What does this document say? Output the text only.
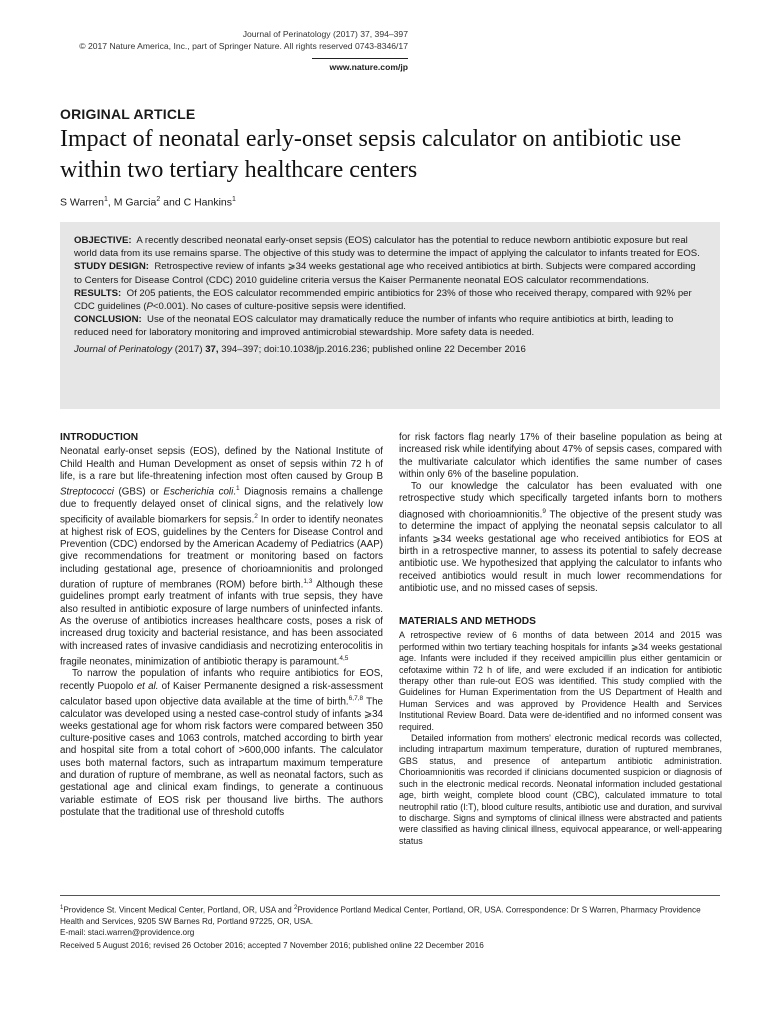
Journal of Perinatology (2017) 37, 394–397
© 2017 Nature America, Inc., part of Springer Nature. All rights reserved 0743-8346/17
www.nature.com/jp
ORIGINAL ARTICLE
Impact of neonatal early-onset sepsis calculator on antibiotic use within two tertiary healthcare centers
S Warren$^1$, M Garcia$^2$ and C Hankins$^1$

OBJECTIVE: A recently described neonatal early-onset sepsis (EOS) calculator has the potential to reduce newborn antibiotic exposure but real world data from its use remains sparse. The objective of this study was to determine the impact of applying the calculator to infants treated for EOS.

STUDY DESIGN: Retrospective review of infants ⩾34 weeks gestational age who received antibiotics at birth. Subjects were compared according to Centers for Disease Control (CDC) 2010 guideline criteria versus the Kaiser Permanente neonatal EOS calculator recommendations.

RESULTS: Of 205 patients, the EOS calculator recommended empiric antibiotics for 23% of those who received therapy, compared with 92% per CDC guidelines (P<0.001). No cases of culture-positive sepsis were identified.

CONCLUSION: Use of the neonatal EOS calculator may dramatically reduce the number of infants who require antibiotics at birth, leading to reduced need for laboratory monitoring and improved antimicrobial stewardship. More safety data is needed.

Journal of Perinatology (2017) 37, 394–397; doi:10.1038/jp.2016.236; published online 22 December 2016

INTRODUCTION

Neonatal early-onset sepsis (EOS), defined by the National Institute of Child Health and Human Development as onset of sepsis within 72 h of life, is a rare but life-threatening infection most often caused by Group B Streptococci (GBS) or Escherichia coli.$^1$ Diagnosis remains a challenge due to frequently delayed onset of clinical signs, and the relatively low specificity of available biomarkers for sepsis.$^2$ In order to identify neonates at highest risk of EOS, guidelines by the Centers for Disease Control and Prevention (CDC) endorsed by the American Academy of Pediatrics (AAP) give recommendations for treatment or monitoring based on factors including gestational age, presence of chorioamnionitis and prolonged duration of rupture of membranes (ROM) before birth.$^{1,3}$ Although these guidelines prompt early treatment of infants with true sepsis, they have also resulted in antibiotic exposure of large numbers of uninfected infants. As the overuse of antibiotics increases healthcare costs, poses a risk of increased drug toxicity and bacterial resistance, and has been associated with increased rates of invasive candidiasis and necrotizing enterocolitis in fragile neonates, minimization of antibiotic therapy is paramount.$^{4,5}$

To narrow the population of infants who require antibiotics for EOS, recently Puopolo et al. of Kaiser Permanente designed a risk-assessment calculator based upon objective data available at the time of birth.$^{6,7,8}$ The calculator was developed using a nested case-control study of infants ⩾34 weeks gestational age for whom risk factors were compared between 350 culture-positive cases and 1063 controls, matched according to birth year and hospital site from a total cohort of >600,000 infants. The calculator uses both maternal factors, such as intrapartum maximum temperature and duration of rupture of membrane, as well as neonatal factors, such as gestational age and clinical exam findings, to generate a continuous variable estimate of EOS risk per thousand live births. The authors postulate that the traditional use of threshold cutoffs

for risk factors flag nearly 17% of their baseline population as being at increased risk while identifying about 47% of sepsis cases, compared with the multivariate calculator which identifies the same number of cases within only 6% of the baseline population.

To our knowledge the calculator has been evaluated with one retrospective study which specifically targeted infants born to mothers diagnosed with chorioamnionitis.$^9$ The objective of the present study was to determine the impact of applying the neonatal sepsis calculator to all infants ⩾34 weeks gestational age who received antibiotics for EOS at birth in a retrospective manner, to assess its potential to safely decrease antibiotic use. We hypothesized that applying the calculator to infants who received antibiotics would result in much lower recommendations for antibiotic use, and no missed cases of sepsis.

MATERIALS AND METHODS

A retrospective review of 6 months of data between 2014 and 2015 was performed within two tertiary teaching hospitals for infants ⩾34 weeks gestational age. Infants were included if they received ampicillin plus either gentamicin or cefotaxime within 72 h of life, and were excluded if an indication for antibiotic therapy other than rule-out EOS was identified. This study complied with the Guidelines for Human Experimentation from the US Department of Health and Human Services and was approved by Providence Health and Services Institutional Review Board. Data were de-identified and no informed consent was required.

Detailed information from mothers' electronic medical records was collected, including intrapartum maximum temperature, duration of ruptured membranes, GBS status, and presence of antepartum antibiotic administration. Chorioamnionitis was recorded if clinicians documented suspicion or diagnosis of such in the electronic medical records. Neonatal information included gestational age, birth weight, complete blood count (CBC), calculated immature to total neutrophil ratio (I:T), blood culture results, antibiotic use and duration, and survival to discharge. Signs and symptoms of clinical illness were abstracted and patients were classified as having clinical illness, equivocal appearance, or well-appearing status

$^1$Providence St. Vincent Medical Center, Portland, OR, USA and $^2$Providence Portland Medical Center, Portland, OR, USA. Correspondence: Dr S Warren, Pharmacy Providence Health and Services, 9205 SW Barnes Rd, Portland 97225, OR, USA.
E-mail: staci.warren@providence.org
Received 5 August 2016; revised 26 October 2016; accepted 7 November 2016; published online 22 December 2016
